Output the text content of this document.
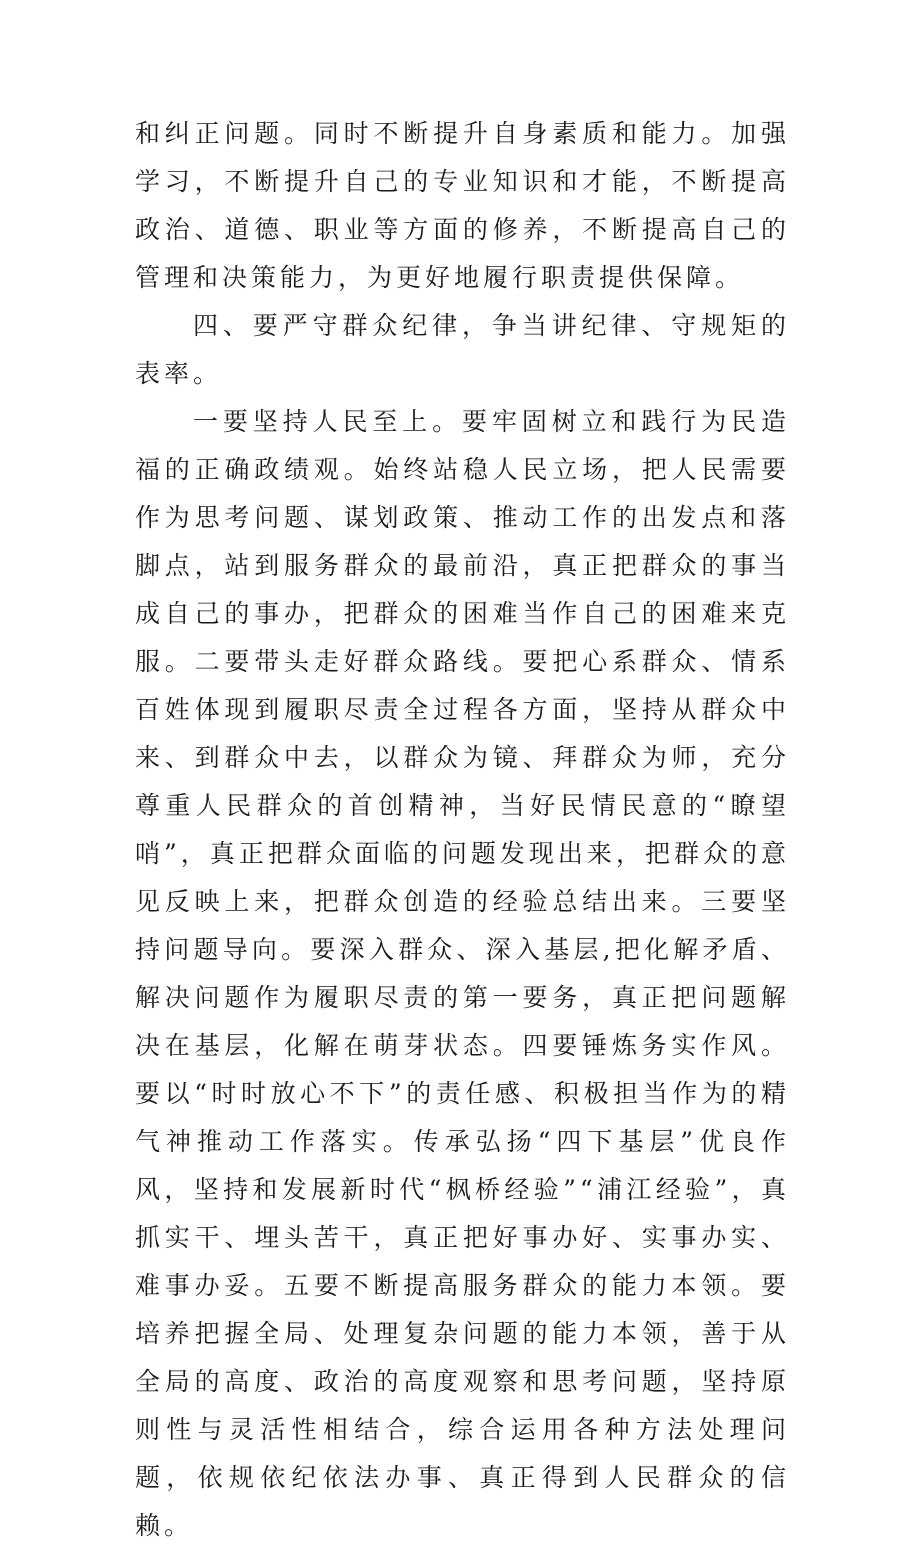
和纠正问题。同时不断提升自身素质和能力。加强学习，不断提升自己的专业知识和才能，不断提高政治、道德、职业等方面的修养，不断提高自己的管理和决策能力，为更好地履行职责提供保障。

四、要严守群众纪律，争当讲纪律、守规矩的表率。

一要坚持人民至上。要牢固树立和践行为民造福的正确政绩观。始终站稳人民立场，把人民需要作为思考问题、谋划政策、推动工作的出发点和落脚点，站到服务群众的最前沿，真正把群众的事当成自己的事办，把群众的困难当作自己的困难来克服。二要带头走好群众路线。要把心系群众、情系百姓体现到履职尽责全过程各方面，坚持从群众中来、到群众中去，以群众为镜、拜群众为师，充分尊重人民群众的首创精神，当好民情民意的“瞭望哨”，真正把群众面临的问题发现出来，把群众的意见反映上来，把群众创造的经验总结出来。三要坚持问题导向。要深入群众、深入基层,把化解矛盾、解决问题作为履职尽责的第一要务，真正把问题解决在基层，化解在萌芽状态。四要锤炼务实作风。要以“时时放心不下”的责任感、积极担当作为的精气神推动工作落实。传承弘扬“四下基层”优良作风，坚持和发展新时代“枫桥经验”“浦江经验”，真抓实干、埋头苦干，真正把好事办好、实事办实、难事办妥。五要不断提高服务群众的能力本领。要培养把握全局、处理复杂问题的能力本领，善于从全局的高度、政治的高度观察和思考问题，坚持原则性与灵活性相结合，综合运用各种方法处理问题，依规依纪依法办事、真正得到人民群众的信赖。
